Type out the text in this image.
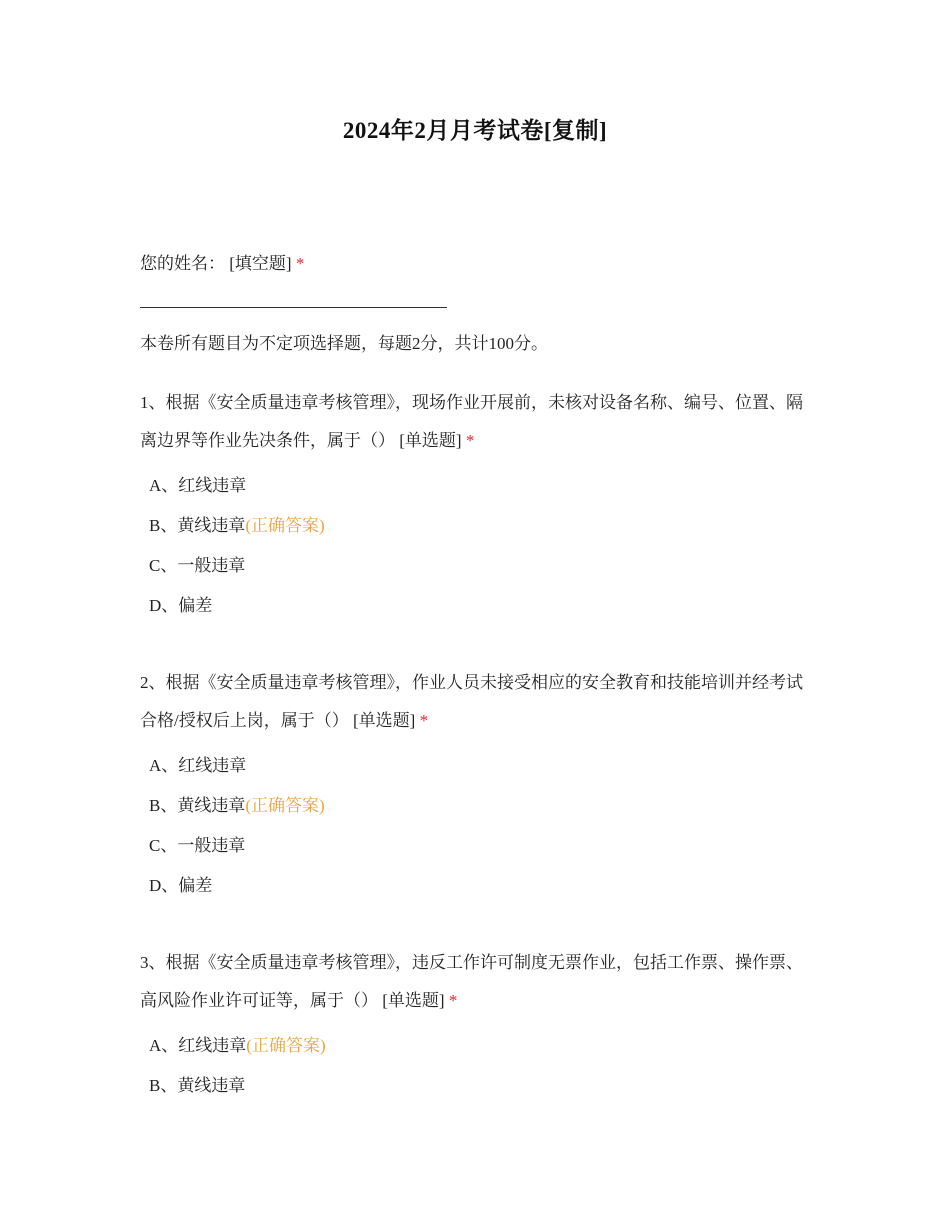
2024年2月月考试卷[复制]
您的姓名： [填空题] *
本卷所有题目为不定项选择题，每题2分，共计100分。
1、根据《安全质量违章考核管理》，现场作业开展前，未核对设备名称、编号、位置、隔离边界等作业先决条件，属于（） [单选题] *
A、红线违章
B、黄线违章(正确答案)
C、一般违章
D、偏差
2、根据《安全质量违章考核管理》，作业人员未接受相应的安全教育和技能培训并经考试合格/授权后上岗，属于（） [单选题] *
A、红线违章
B、黄线违章(正确答案)
C、一般违章
D、偏差
3、根据《安全质量违章考核管理》，违反工作许可制度无票作业，包括工作票、操作票、高风险作业许可证等，属于（） [单选题] *
A、红线违章(正确答案)
B、黄线违章
